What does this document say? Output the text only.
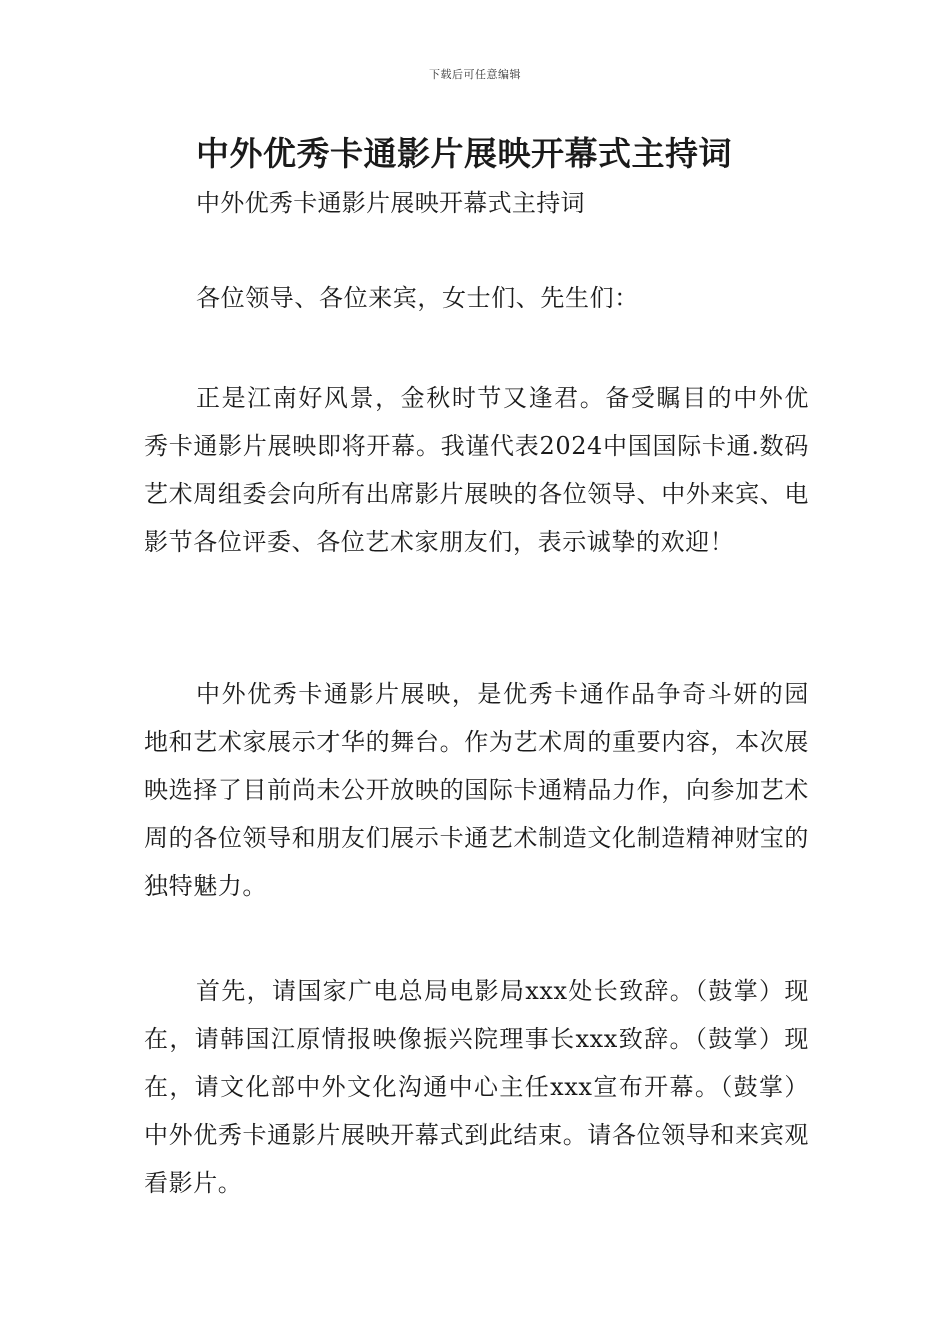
下载后可任意编辑
中外优秀卡通影片展映开幕式主持词
中外优秀卡通影片展映开幕式主持词

各位领导、各位来宾，女士们、先生们：

正是江南好风景，金秋时节又逢君。备受瞩目的中外优秀卡通影片展映即将开幕。我谨代表2024中国国际卡通.数码艺术周组委会向所有出席影片展映的各位领导、中外来宾、电影节各位评委、各位艺术家朋友们，表示诚挚的欢迎！

中外优秀卡通影片展映，是优秀卡通作品争奇斗妍的园地和艺术家展示才华的舞台。作为艺术周的重要内容，本次展映选择了目前尚未公开放映的国际卡通精品力作，向参加艺术周的各位领导和朋友们展示卡通艺术制造文化制造精神财宝的独特魅力。

首先，请国家广电总局电影局xxx处长致辞。（鼓掌）现在，请韩国江原情报映像振兴院理事长xxx致辞。（鼓掌）现在，请文化部中外文化沟通中心主任xxx宣布开幕。（鼓掌）中外优秀卡通影片展映开幕式到此结束。请各位领导和来宾观看影片。
